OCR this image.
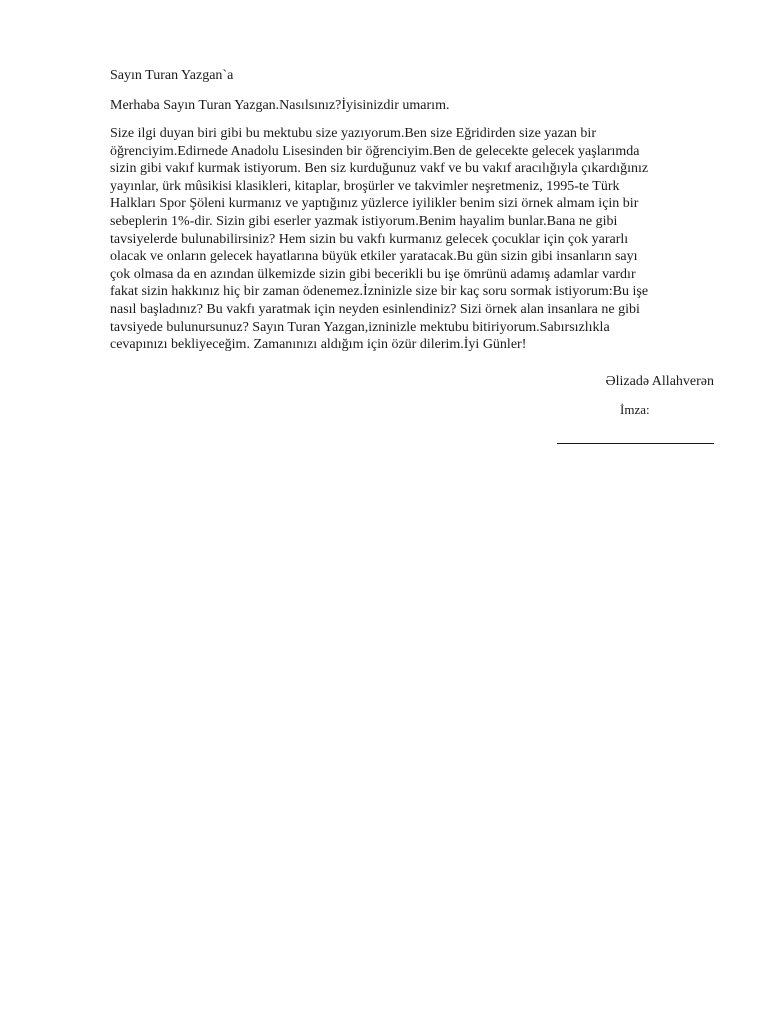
Sayın Turan Yazgan`a
Merhaba Sayın Turan Yazgan.Nasılsınız?İyisinizdir umarım.
Size ilgi duyan biri gibi bu mektubu size yazıyorum.Ben size Eğridirden size yazan bir
öğrenciyim.Edirnede Anadolu Lisesinden bir öğrenciyim.Ben de gelecekte gelecek yaşlarımda
sizin gibi vakıf kurmak istiyorum. Ben siz kurduğunuz vakf ve bu vakıf aracılığıyla çıkardığınız
yayınlar, ürk mûsikisi klasikleri, kitaplar, broşürler ve takvimler neşretmeniz, 1995-te Türk
Halkları Spor Şöleni kurmanız ve yaptığınız yüzlerce iyilikler benim sizi örnek almam için bir
sebeplerin 1%-dir. Sizin gibi eserler yazmak istiyorum.Benim hayalim bunlar.Bana ne gibi
tavsiyelerde bulunabilirsiniz? Hem sizin bu vakfı kurmanız gelecek çocuklar için çok yararlı
olacak ve onların gelecek hayatlarına büyük etkiler yaratacak.Bu gün sizin gibi insanların sayı
çok olmasa da en azından ülkemizde sizin gibi becerikli bu işe ömrünü adamış adamlar vardır
fakat sizin hakkınız hiç bir zaman ödenemez.İzninizle size bir kaç soru sormak istiyorum:Bu işe
nasıl başladınız? Bu vakfı yaratmak için neyden esinlendiniz? Sizi örnek alan insanlara ne gibi
tavsiyede bulunursunuz? Sayın Turan Yazgan,izninizle mektubu bitiriyorum.Sabırsızlıkla
cevapınızı bekliyeceğim. Zamanınızı aldığım için özür dilerim.İyi Günler!
Əlizadə Allahverən
İmza:
